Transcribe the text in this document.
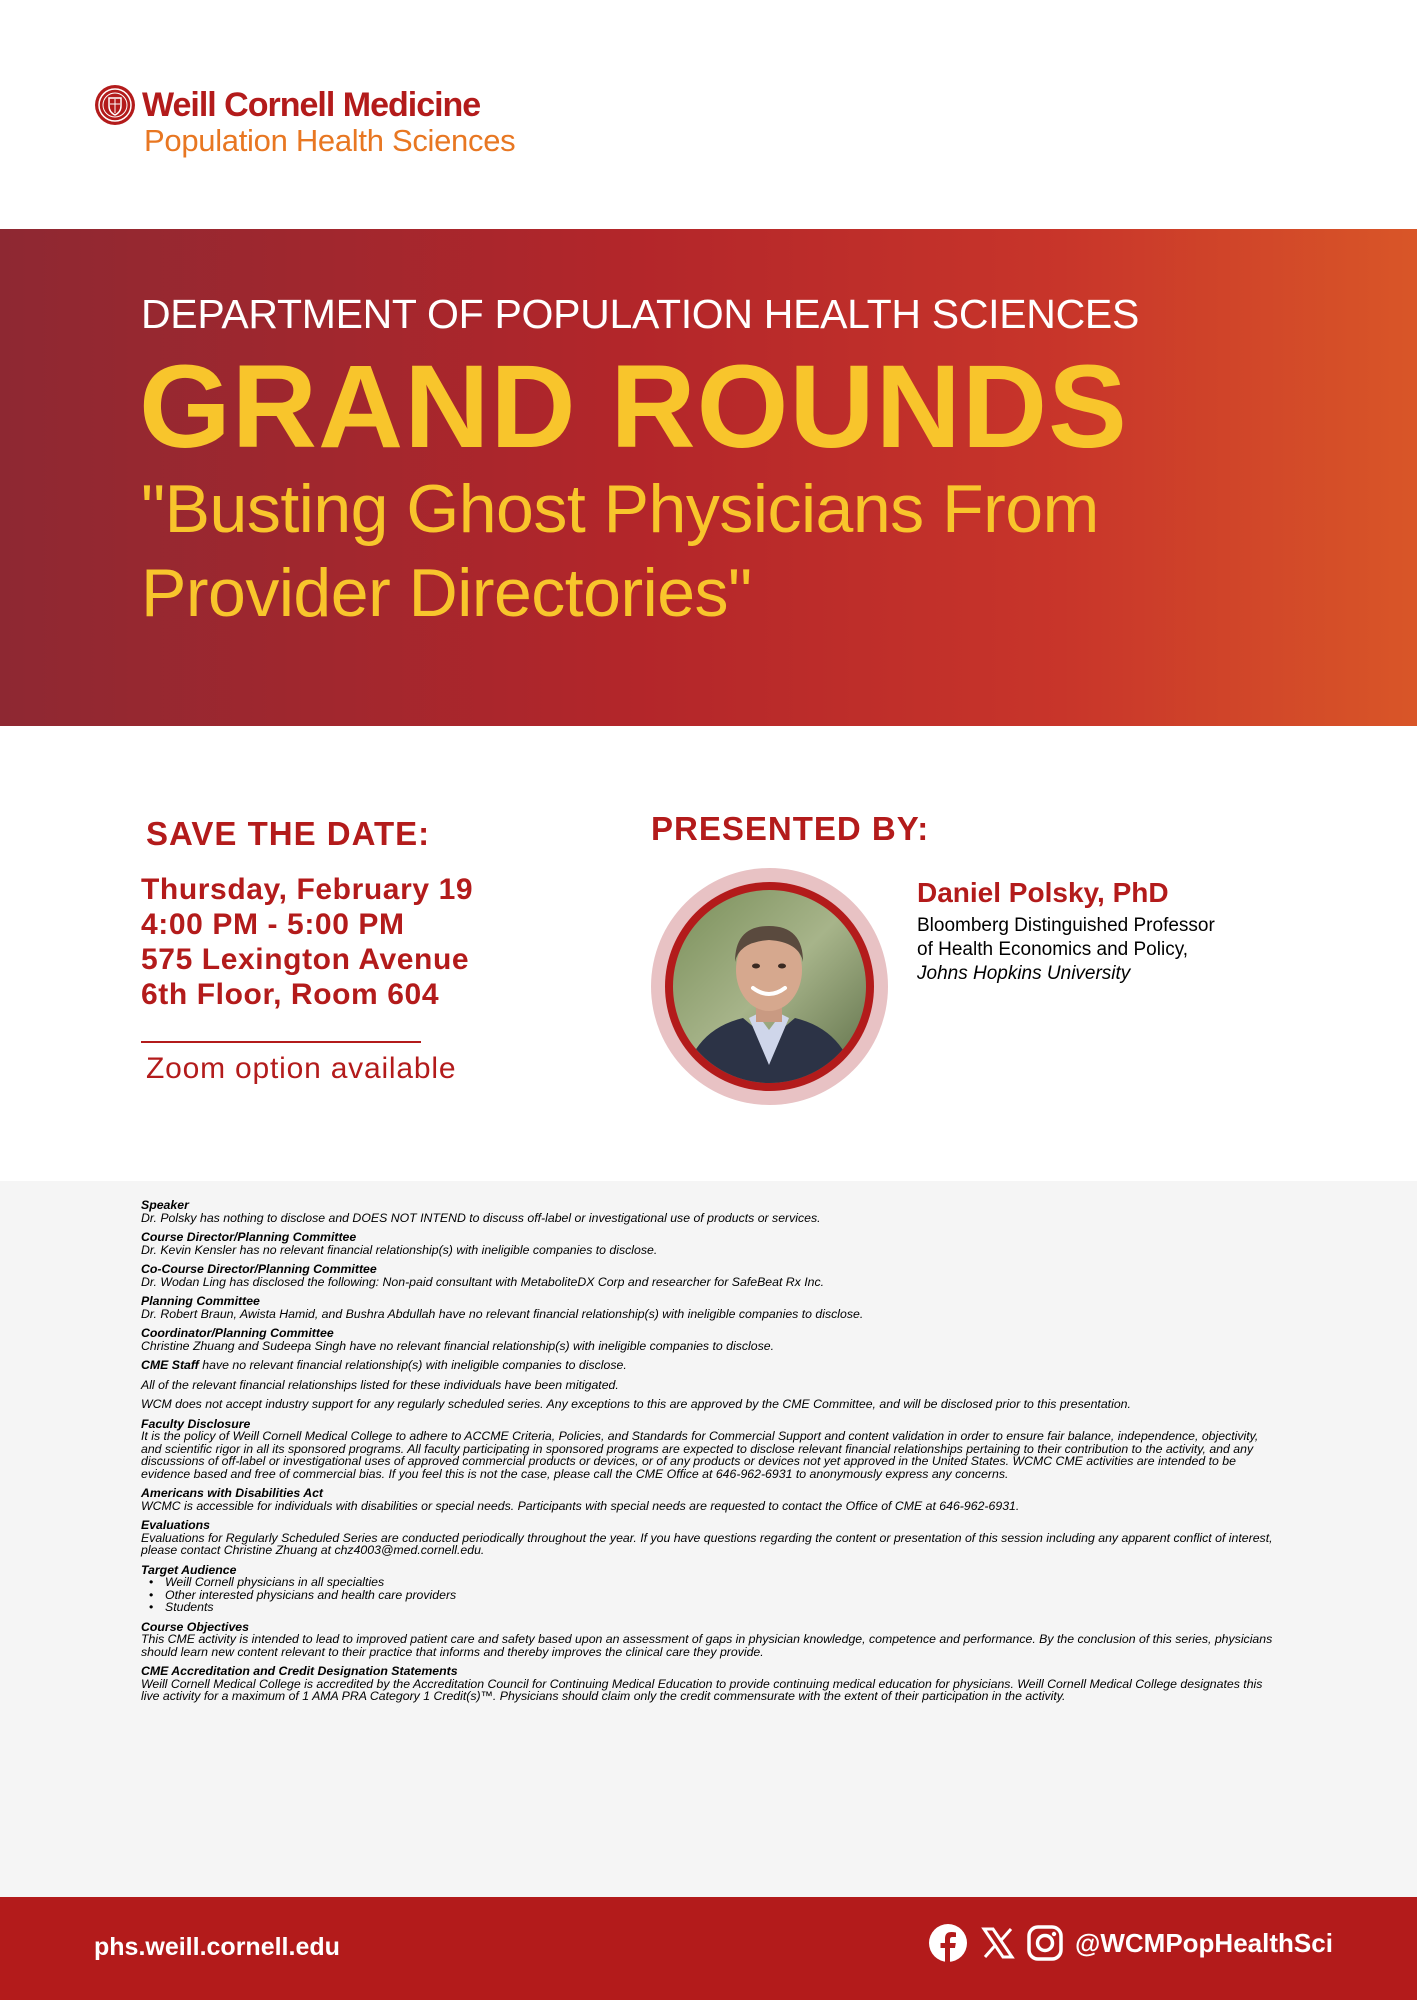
Weill Cornell Medicine
Population Health Sciences
DEPARTMENT OF POPULATION HEALTH SCIENCES
GRAND ROUNDS
"Busting Ghost Physicians From Provider Directories"
SAVE THE DATE:
Thursday, February 19
4:00 PM - 5:00 PM
575 Lexington Avenue
6th Floor, Room 604
Zoom option available
PRESENTED BY:
Daniel Polsky, PhD
Bloomberg Distinguished Professor
of Health Economics and Policy,
Johns Hopkins University
Speaker
Dr. Polsky has nothing to disclose and DOES NOT INTEND to discuss off-label or investigational use of products or services.
Course Director/Planning Committee
Dr. Kevin Kensler has no relevant financial relationship(s) with ineligible companies to disclose.
Co-Course Director/Planning Committee
Dr. Wodan Ling has disclosed the following: Non-paid consultant with MetaboliteDX Corp and researcher for SafeBeat Rx Inc.
Planning Committee
Dr. Robert Braun, Awista Hamid, and Bushra Abdullah have no relevant financial relationship(s) with ineligible companies to disclose.
Coordinator/Planning Committee
Christine Zhuang and Sudeepa Singh have no relevant financial relationship(s) with ineligible companies to disclose.
CME Staff have no relevant financial relationship(s) with ineligible companies to disclose.
All of the relevant financial relationships listed for these individuals have been mitigated.
WCM does not accept industry support for any regularly scheduled series. Any exceptions to this are approved by the CME Committee, and will be disclosed prior to this presentation.
Faculty Disclosure
It is the policy of Weill Cornell Medical College to adhere to ACCME Criteria, Policies, and Standards for Commercial Support and content validation in order to ensure fair balance, independence, objectivity, and scientific rigor in all its sponsored programs. All faculty participating in sponsored programs are expected to disclose relevant financial relationships pertaining to their contribution to the activity, and any discussions of off-label or investigational uses of approved commercial products or devices, or of any products or devices not yet approved in the United States. WCMC CME activities are intended to be evidence based and free of commercial bias. If you feel this is not the case, please call the CME Office at 646-962-6931 to anonymously express any concerns.
Americans with Disabilities Act
WCMC is accessible for individuals with disabilities or special needs. Participants with special needs are requested to contact the Office of CME at 646-962-6931.
Evaluations
Evaluations for Regularly Scheduled Series are conducted periodically throughout the year. If you have questions regarding the content or presentation of this session including any apparent conflict of interest, please contact Christine Zhuang at chz4003@med.cornell.edu.
Target Audience
• Weill Cornell physicians in all specialties
• Other interested physicians and health care providers
• Students
Course Objectives
This CME activity is intended to lead to improved patient care and safety based upon an assessment of gaps in physician knowledge, competence and performance. By the conclusion of this series, physicians should learn new content relevant to their practice that informs and thereby improves the clinical care they provide.
CME Accreditation and Credit Designation Statements
Weill Cornell Medical College is accredited by the Accreditation Council for Continuing Medical Education to provide continuing medical education for physicians. Weill Cornell Medical College designates this live activity for a maximum of 1 AMA PRA Category 1 Credit(s)™. Physicians should claim only the credit commensurate with the extent of their participation in the activity.
phs.weill.cornell.edu	@WCMPopHealthSci
